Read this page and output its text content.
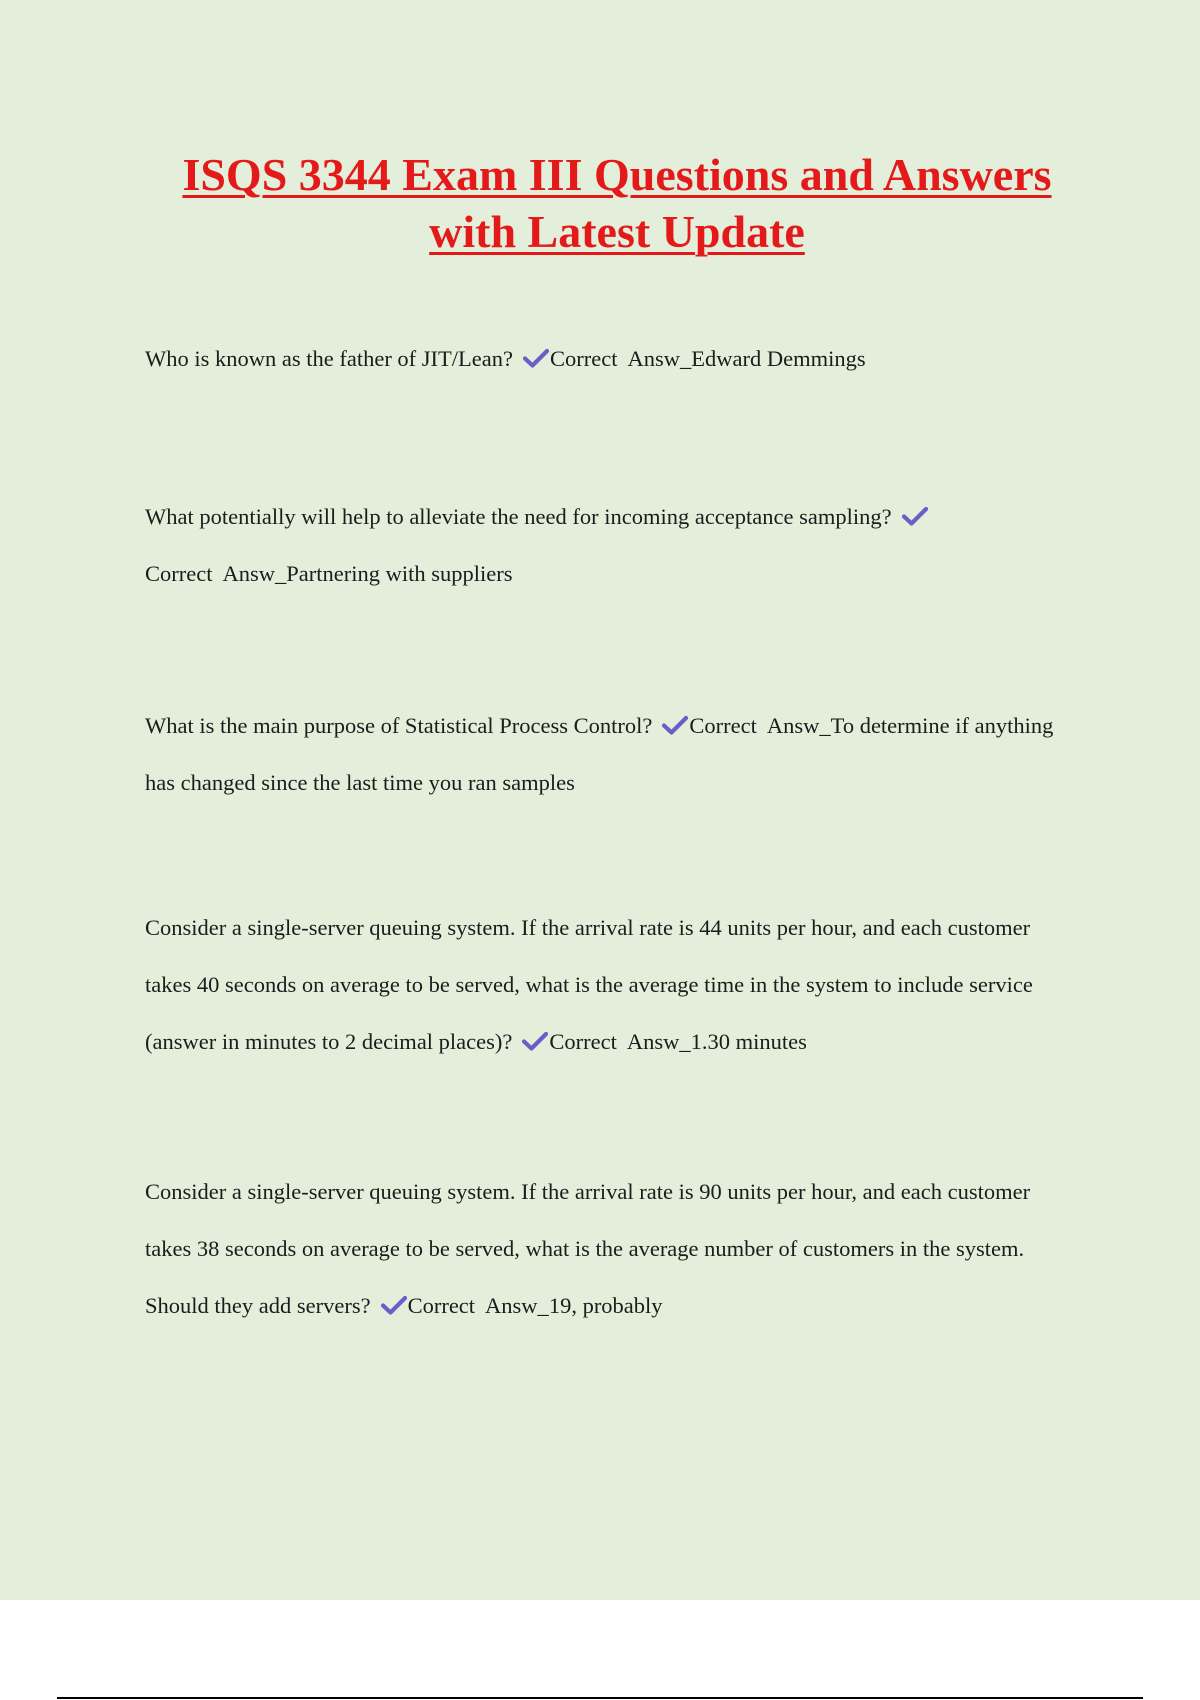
ISQS 3344 Exam III Questions and Answers
with Latest Update

Who is known as the father of JIT/Lean? Correct  Answ_Edward Demmings

What potentially will help to alleviate the need for incoming acceptance sampling?
Correct  Answ_Partnering with suppliers

What is the main purpose of Statistical Process Control? Correct  Answ_To determine if anything has changed since the last time you ran samples

Consider a single-server queuing system. If the arrival rate is 44 units per hour, and each customer takes 40 seconds on average to be served, what is the average time in the system to include service (answer in minutes to 2 decimal places)? Correct  Answ_1.30 minutes

Consider a single-server queuing system. If the arrival rate is 90 units per hour, and each customer takes 38 seconds on average to be served, what is the average number of customers in the system. Should they add servers? Correct  Answ_19, probably
